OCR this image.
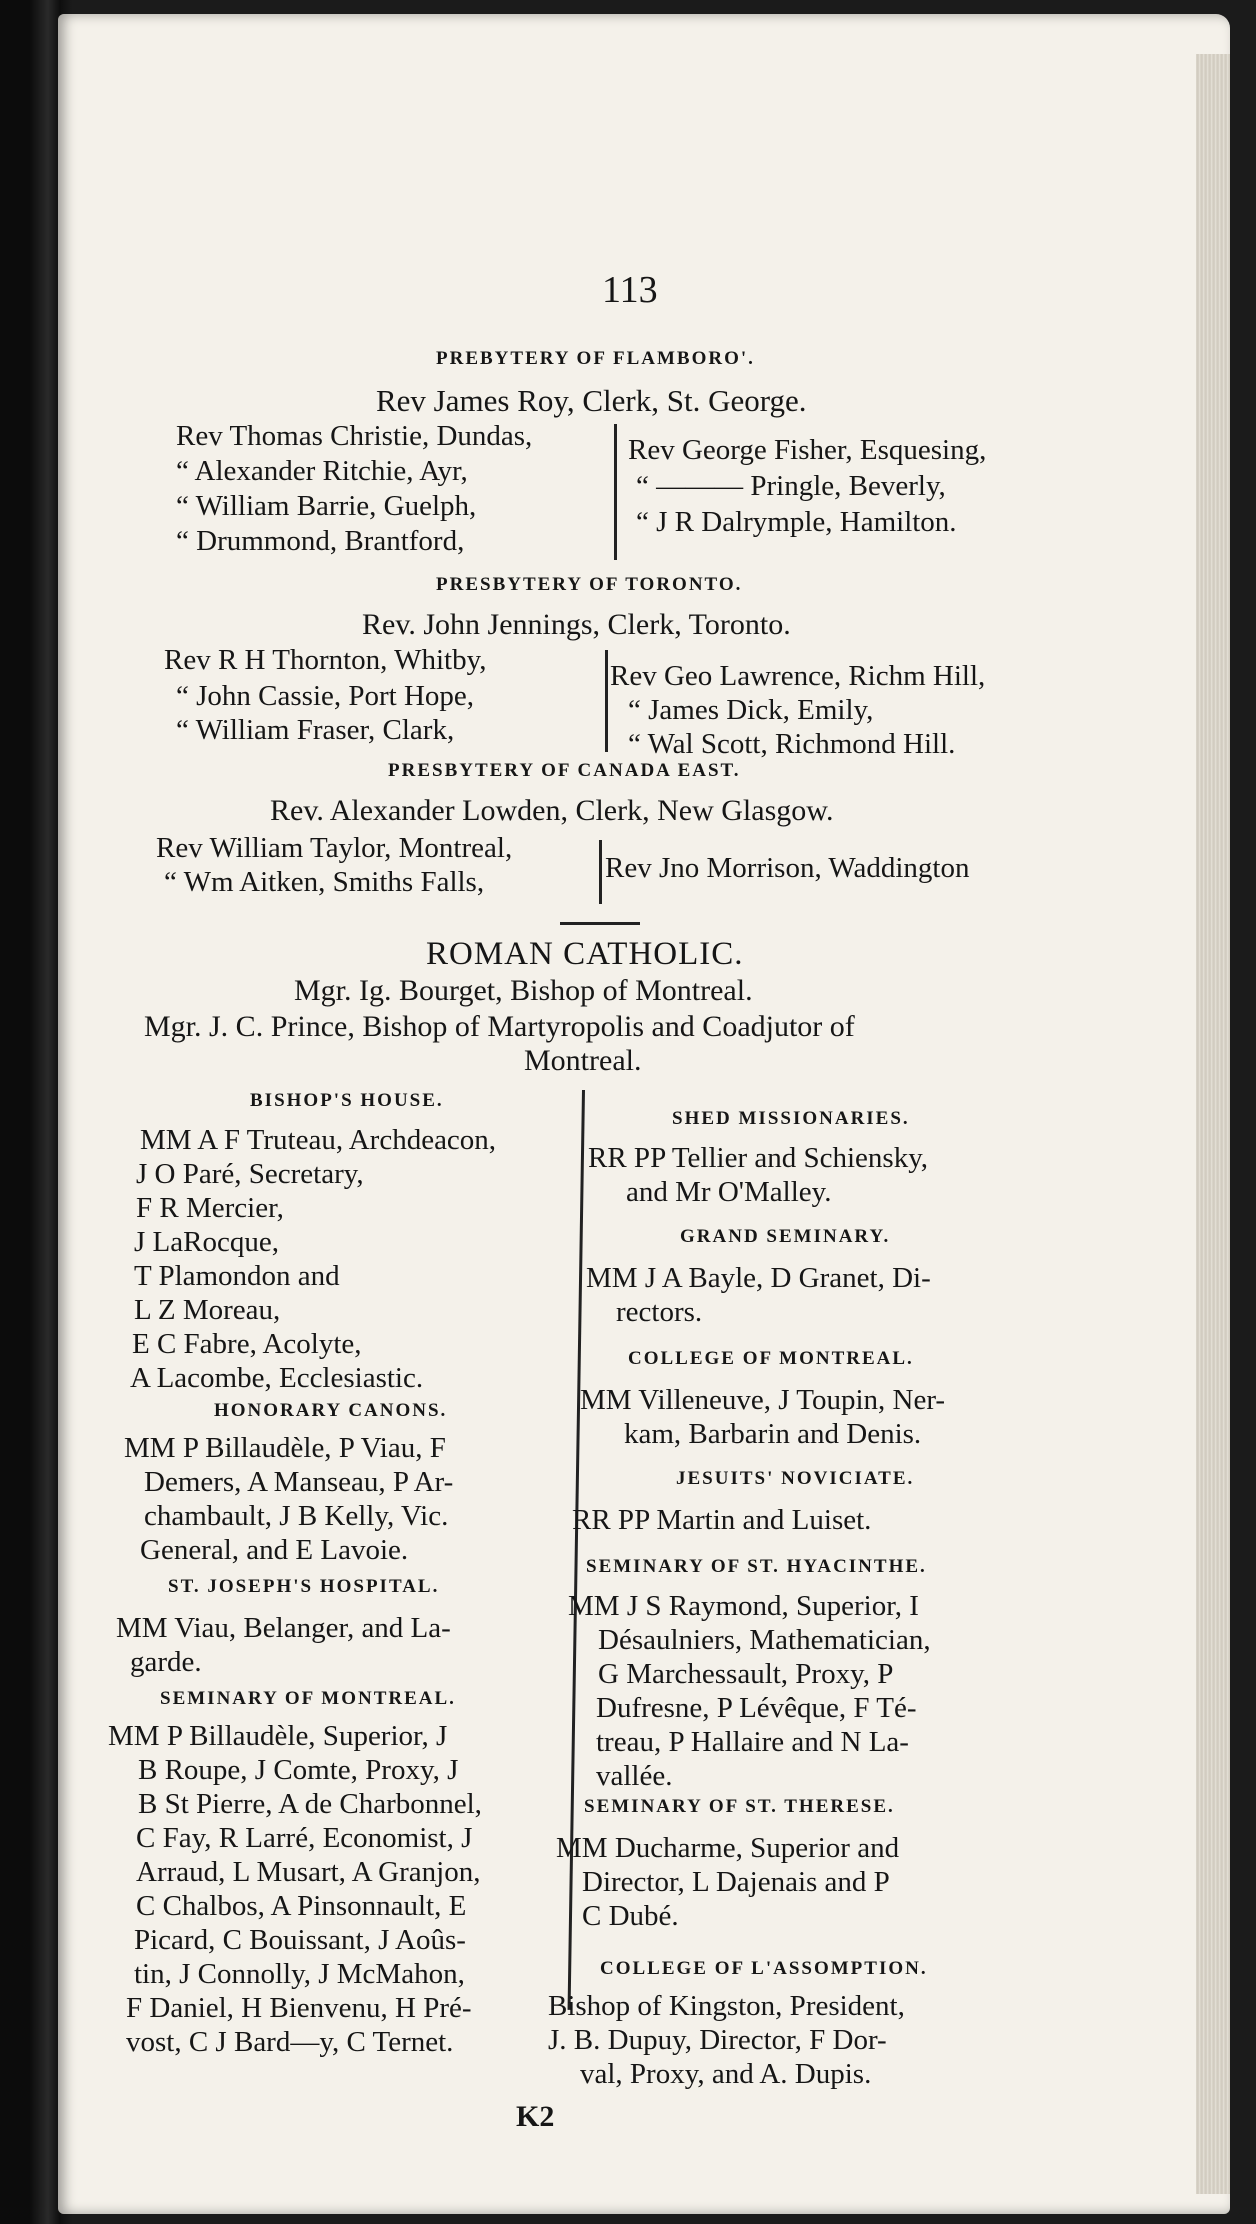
113
PREBYTERY OF FLAMBORO'.
Rev James Roy, Clerk, St. George.
Rev Thomas Christie, Dundas,
“ Alexander Ritchie, Ayr,
“ William Barrie, Guelph,
“ Drummond, Brantford,
Rev George Fisher, Esquesing,
“ ——— Pringle, Beverly,
“ J R Dalrymple, Hamilton.
PRESBYTERY OF TORONTO.
Rev. John Jennings, Clerk, Toronto.
Rev R H Thornton, Whitby,
“ John Cassie, Port Hope,
“ William Fraser, Clark,
Rev Geo Lawrence, Richm Hill,
“ James Dick, Emily,
“ Wal Scott, Richmond Hill.
PRESBYTERY OF CANADA EAST.
Rev. Alexander Lowden, Clerk, New Glasgow.
Rev William Taylor, Montreal,
“ Wm Aitken, Smiths Falls,	Rev Jno Morrison, Waddington
ROMAN CATHOLIC.
Mgr. Ig. Bourget, Bishop of Montreal.
Mgr. J. C. Prince, Bishop of Martyropolis and Coadjutor of
Montreal.
BISHOP'S HOUSE.
MM A F Truteau, Archdeacon,
J O Paré, Secretary,
F R Mercier,
J LaRocque,
T Plamondon and
L Z Moreau,
E C Fabre, Acolyte,
A Lacombe, Ecclesiastic.
HONORARY CANONS.
MM P Billaudèle, P Viau, F
Demers, A Manseau, P Ar-
chambault, J B Kelly, Vic.
General, and E Lavoie.
ST. JOSEPH'S HOSPITAL.
MM Viau, Belanger, and La-
garde.
SEMINARY OF MONTREAL.
MM P Billaudèle, Superior, J
B Roupe, J Comte, Proxy, J
B St Pierre, A de Charbonnel,
C Fay, R Larré, Economist, J
Arraud, L Musart, A Granjon,
C Chalbos, A Pinsonnault, E
Picard, C Bouissant, J Aoûs-
tin, J Connolly, J McMahon,
F Daniel, H Bienvenu, H Pré-
vost, C J Bard—y, C Ternet.
SHED MISSIONARIES.
RR PP Tellier and Schiensky,
and Mr O'Malley.
GRAND SEMINARY.
MM J A Bayle, D Granet, Di-
rectors.
COLLEGE OF MONTREAL.
MM Villeneuve, J Toupin, Ner-
kam, Barbarin and Denis.
JESUITS' NOVICIATE.
RR PP Martin and Luiset.
SEMINARY OF ST. HYACINTHE.
MM J S Raymond, Superior, I
Désaulniers, Mathematician,
G Marchessault, Proxy, P
Dufresne, P Lévêque, F Té-
treau, P Hallaire and N La-
vallée.
SEMINARY OF ST. THERESE.
MM Ducharme, Superior and
Director, L Dajenais and P
C Dubé.
COLLEGE OF L'ASSOMPTION.
Bishop of Kingston, President,
J. B. Dupuy, Director, F Dor-
val, Proxy, and A. Dupis.
K2
